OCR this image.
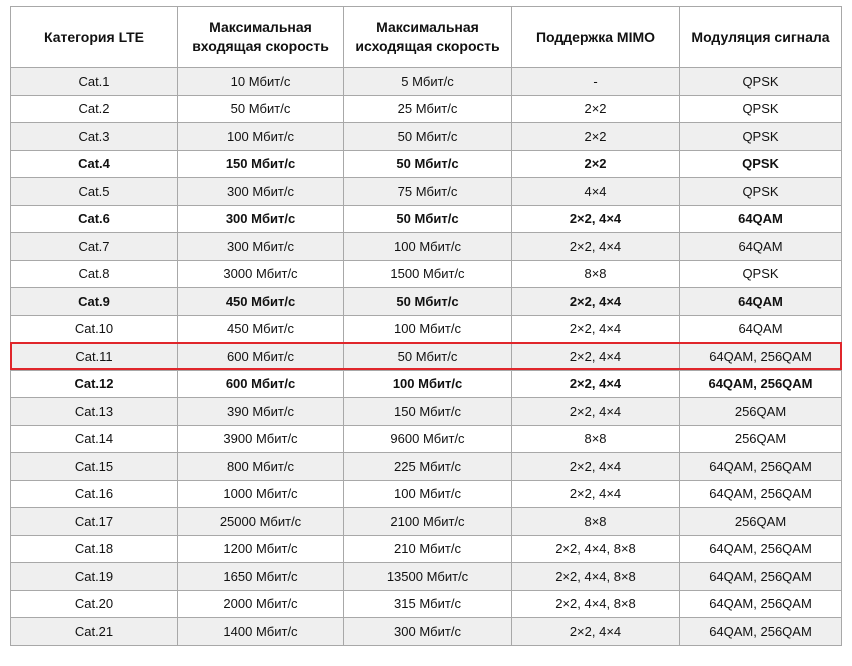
Категория LTE	Максимальная входящая скорость	Максимальная исходящая скорость	Поддержка MIMO	Модуляция сигнала
Cat.1	10 Мбит/с	5 Мбит/с	-	QPSK
Cat.2	50 Мбит/с	25 Мбит/с	2×2	QPSK
Cat.3	100 Мбит/с	50 Мбит/с	2×2	QPSK
Cat.4	150 Мбит/с	50 Мбит/с	2×2	QPSK
Cat.5	300 Мбит/с	75 Мбит/с	4×4	QPSK
Cat.6	300 Мбит/с	50 Мбит/с	2×2, 4×4	64QAM
Cat.7	300 Мбит/с	100 Мбит/с	2×2, 4×4	64QAM
Cat.8	3000 Мбит/с	1500 Мбит/с	8×8	QPSK
Cat.9	450 Мбит/с	50 Мбит/с	2×2, 4×4	64QAM
Cat.10	450 Мбит/с	100 Мбит/с	2×2, 4×4	64QAM
Cat.11	600 Мбит/с	50 Мбит/с	2×2, 4×4	64QAM, 256QAM
Cat.12	600 Мбит/с	100 Мбит/с	2×2, 4×4	64QAM, 256QAM
Cat.13	390 Мбит/с	150 Мбит/с	2×2, 4×4	256QAM
Cat.14	3900 Мбит/с	9600 Мбит/с	8×8	256QAM
Cat.15	800 Мбит/с	225 Мбит/с	2×2, 4×4	64QAM, 256QAM
Cat.16	1000 Мбит/с	100 Мбит/с	2×2, 4×4	64QAM, 256QAM
Cat.17	25000 Мбит/с	2100 Мбит/с	8×8	256QAM
Cat.18	1200 Мбит/с	210 Мбит/с	2×2, 4×4, 8×8	64QAM, 256QAM
Cat.19	1650 Мбит/с	13500 Мбит/с	2×2, 4×4, 8×8	64QAM, 256QAM
Cat.20	2000 Мбит/с	315 Мбит/с	2×2, 4×4, 8×8	64QAM, 256QAM
Cat.21	1400 Мбит/с	300 Мбит/с	2×2, 4×4	64QAM, 256QAM
